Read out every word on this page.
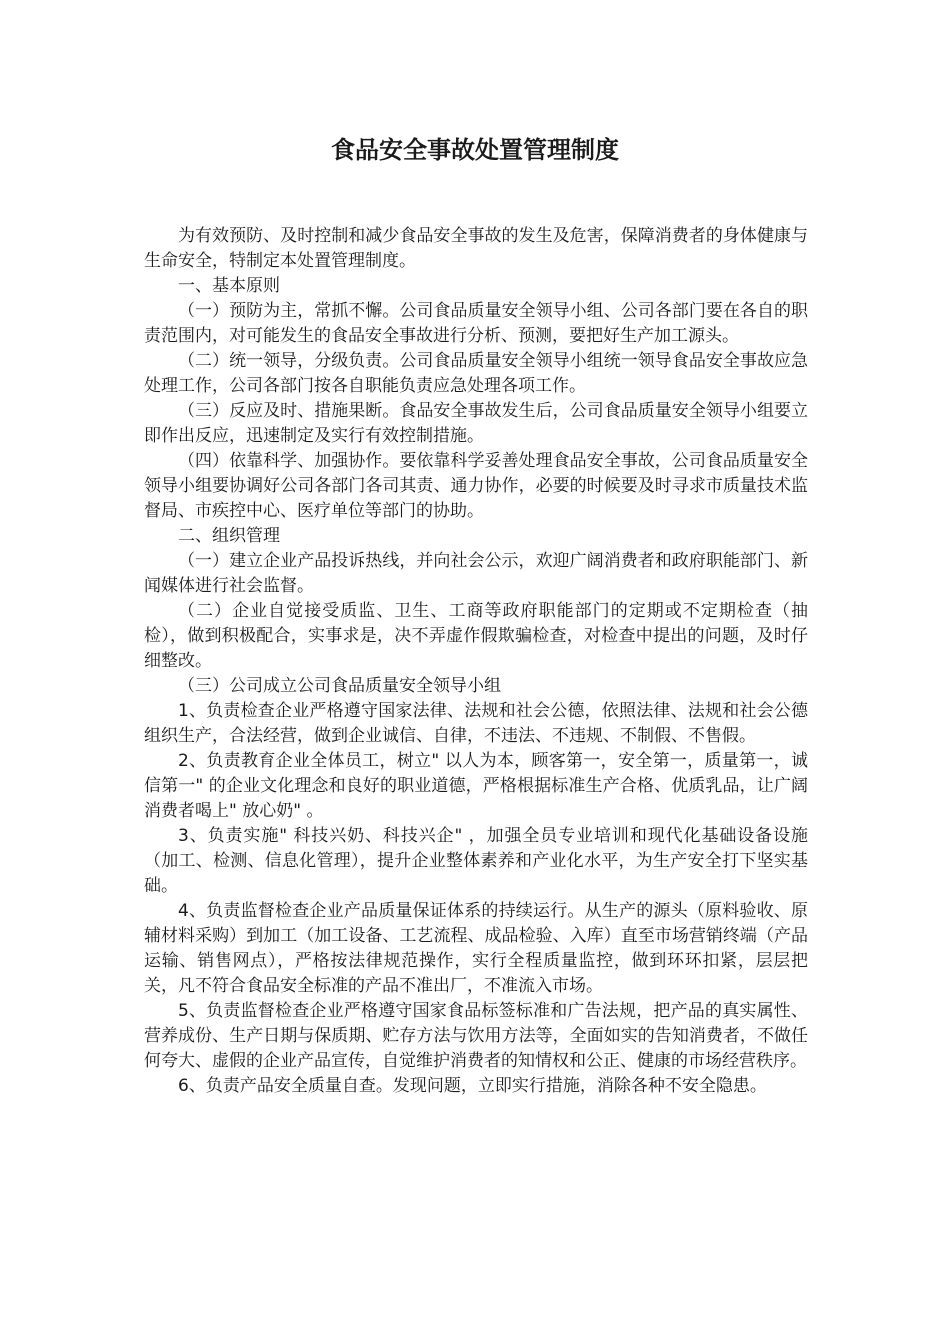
食品安全事故处置管理制度

为有效预防、及时控制和减少食品安全事故的发生及危害，保障消费者的身体健康与生命安全，特制定本处置管理制度。

一、基本原则

（一）预防为主，常抓不懈。公司食品质量安全领导小组、公司各部门要在各自的职责范围内，对可能发生的食品安全事故进行分析、预测，要把好生产加工源头。

（二）统一领导，分级负责。公司食品质量安全领导小组统一领导食品安全事故应急处理工作，公司各部门按各自职能负责应急处理各项工作。

（三）反应及时、措施果断。食品安全事故发生后，公司食品质量安全领导小组要立即作出反应，迅速制定及实行有效控制措施。

（四）依靠科学、加强协作。要依靠科学妥善处理食品安全事故，公司食品质量安全领导小组要协调好公司各部门各司其责、通力协作，必要的时候要及时寻求市质量技术监督局、市疾控中心、医疗单位等部门的协助。

二、组织管理

（一）建立企业产品投诉热线，并向社会公示，欢迎广阔消费者和政府职能部门、新闻媒体进行社会监督。

（二）企业自觉接受质监、卫生、工商等政府职能部门的定期或不定期检查（抽检），做到积极配合，实事求是，决不弄虚作假欺骗检查，对检查中提出的问题，及时仔细整改。

（三）公司成立公司食品质量安全领导小组

1、负责检查企业严格遵守国家法律、法规和社会公德，依照法律、法规和社会公德组织生产，合法经营，做到企业诚信、自律，不违法、不违规、不制假、不售假。

2、负责教育企业全体员工，树立" 以人为本，顾客第一，安全第一，质量第一，诚信第一" 的企业文化理念和良好的职业道德，严格根据标准生产合格、优质乳品，让广阔消费者喝上" 放心奶" 。

3、负责实施" 科技兴奶、科技兴企" ，加强全员专业培训和现代化基础设备设施（加工、检测、信息化管理），提升企业整体素养和产业化水平，为生产安全打下坚实基础。

4、负责监督检查企业产品质量保证体系的持续运行。从生产的源头（原料验收、原辅材料采购）到加工（加工设备、工艺流程、成品检验、入库）直至市场营销终端（产品运输、销售网点），严格按法律规范操作，实行全程质量监控，做到环环扣紧，层层把关，凡不符合食品安全标准的产品不准出厂，不准流入市场。

5、负责监督检查企业严格遵守国家食品标签标准和广告法规，把产品的真实属性、营养成份、生产日期与保质期、贮存方法与饮用方法等，全面如实的告知消费者，不做任何夸大、虚假的企业产品宣传，自觉维护消费者的知情权和公正、健康的市场经营秩序。

6、负责产品安全质量自查。发现问题，立即实行措施，消除各种不安全隐患。
